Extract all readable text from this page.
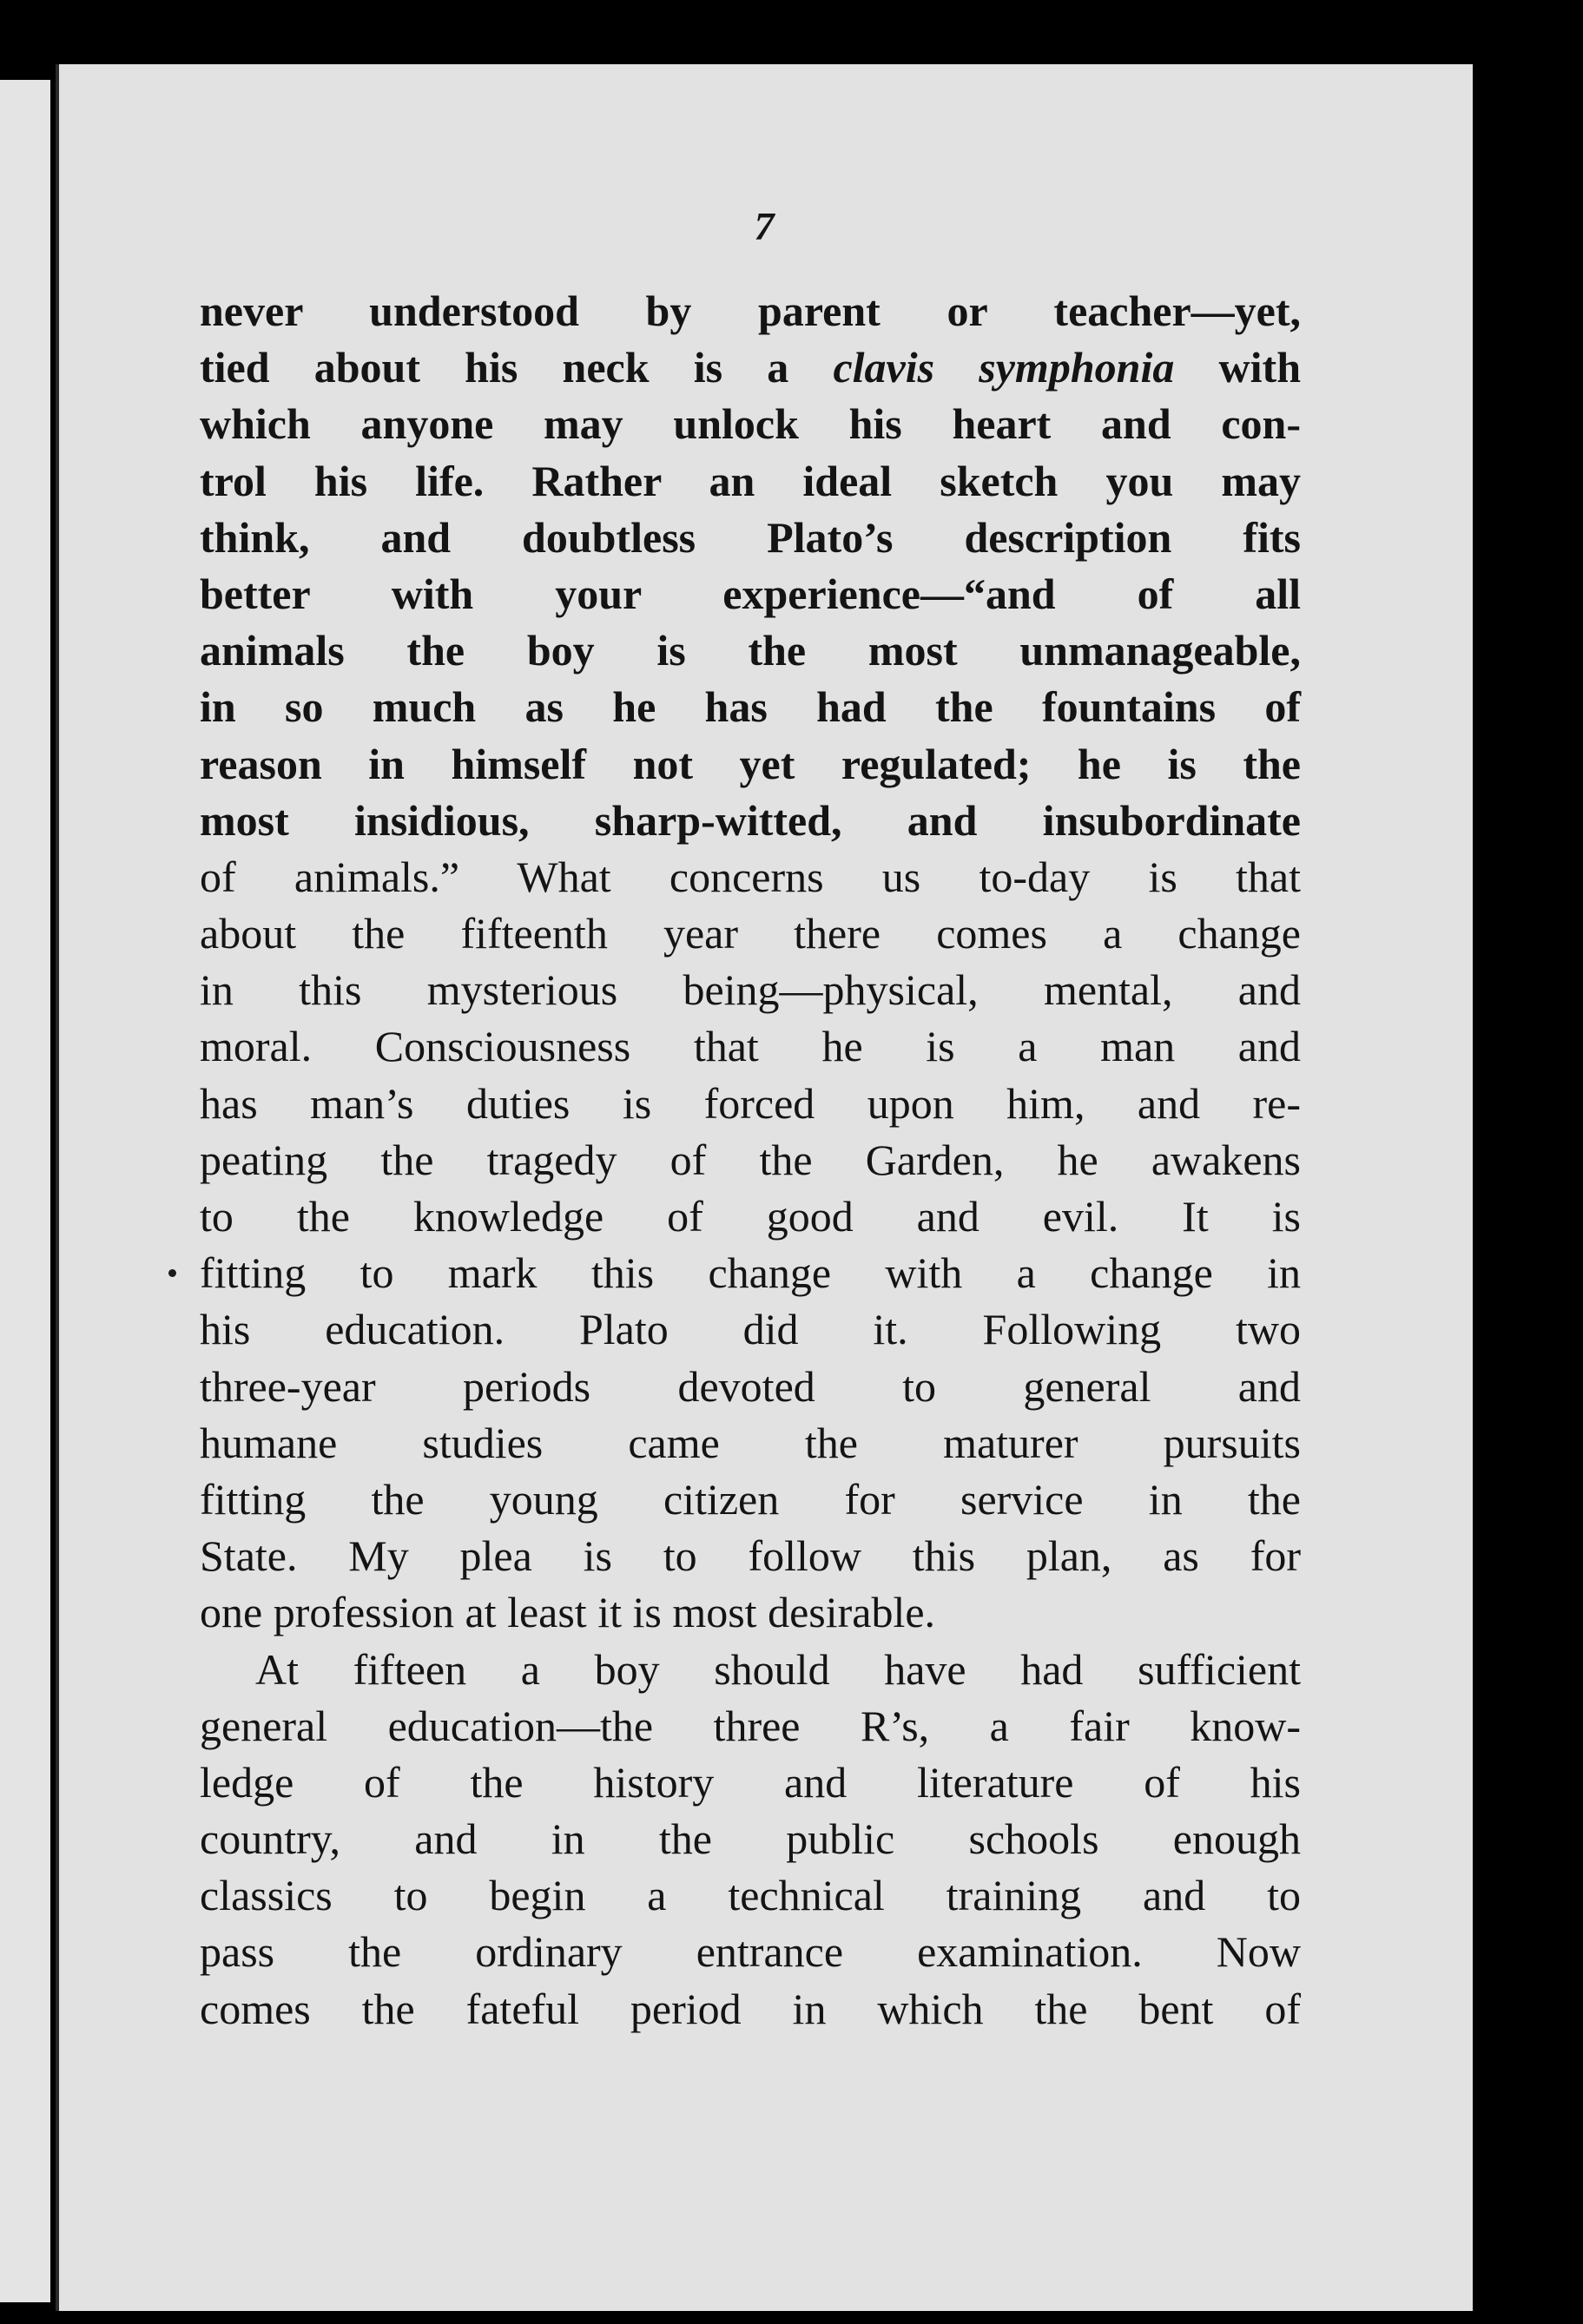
7

never understood by parent or teacher—yet,
tied about his neck is a clavis symphonia with
which anyone may unlock his heart and con-
trol his life. Rather an ideal sketch you may
think, and doubtless Plato’s description fits
better with your experience—“and of all
animals the boy is the most unmanageable,
in so much as he has had the fountains of
reason in himself not yet regulated; he is the
most insidious, sharp-witted, and insubordinate
of animals.” What concerns us to-day is that
about the fifteenth year there comes a change
in this mysterious being—physical, mental, and
moral. Consciousness that he is a man and
has man’s duties is forced upon him, and re-
peating the tragedy of the Garden, he awakens
to the knowledge of good and evil. It is
fitting to mark this change with a change in
his education. Plato did it. Following two
three-year periods devoted to general and
humane studies came the maturer pursuits
fitting the young citizen for service in the
State. My plea is to follow this plan, as for
one profession at least it is most desirable.
At fifteen a boy should have had sufficient
general education—the three R’s, a fair know-
ledge of the history and literature of his
country, and in the public schools enough
classics to begin a technical training and to
pass the ordinary entrance examination. Now
comes the fateful period in which the bent of
